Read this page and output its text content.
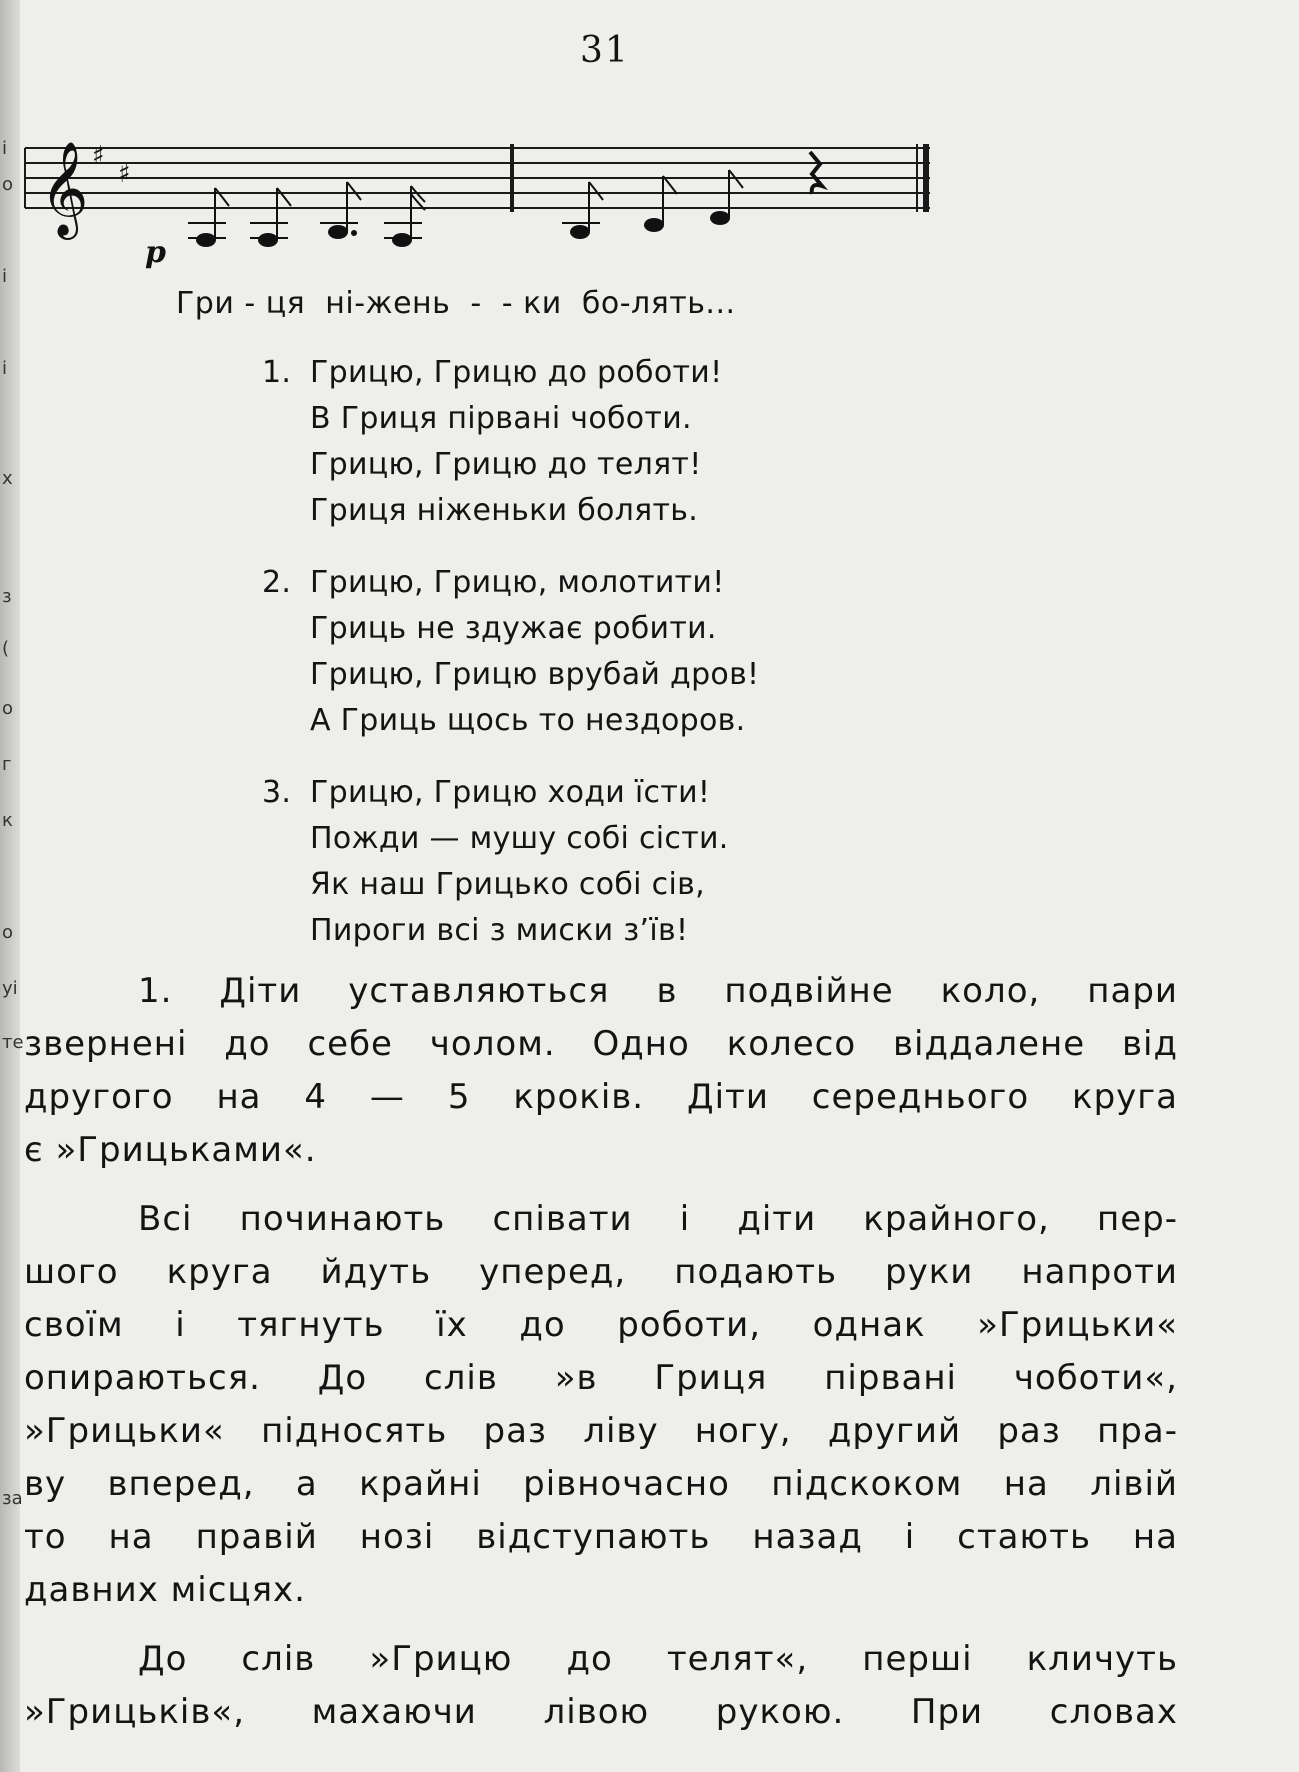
і
о
і
і
х
з
(
о
г
к
о
уі
те
за
31
𝄞 ♯
♯
p
Гри - ця  ні-жень  -  - ки  бо-лять...
1. Грицю, Грицю до роботи!
В Гриця пірвані чоботи.
Грицю, Грицю до телят!
Гриця ніженьки болять.
2. Грицю, Грицю, молотити!
Гриць не здужає робити.
Грицю, Грицю врубай дров!
А Гриць щось то нездоров.
3. Грицю, Грицю ходи їсти!
Пожди — мушу собі сісти.
Як наш Грицько собі сів,
Пироги всі з миски з’їв!
1. Діти уставляються в подвійне коло, пари
звернені до себе чолом. Одно колесо віддалене від
другого на 4 — 5 кроків. Діти середнього круга
є »Грицьками«.
Всі починають співати і діти крайного, пер-
шого круга йдуть уперед, подають руки напроти
своїм і тягнуть їх до роботи, однак »Грицьки«
опираються. До слів »в Гриця пірвані чоботи«,
»Грицьки« підносять раз ліву ногу, другий раз пра-
ву вперед, а крайні рівночасно підскоком на лівій
то на правій нозі відступають назад і стають на
давних місцях.
До слів »Грицю до телят«, перші кличуть
»Грицьків«, махаючи лівою рукою. При словах
